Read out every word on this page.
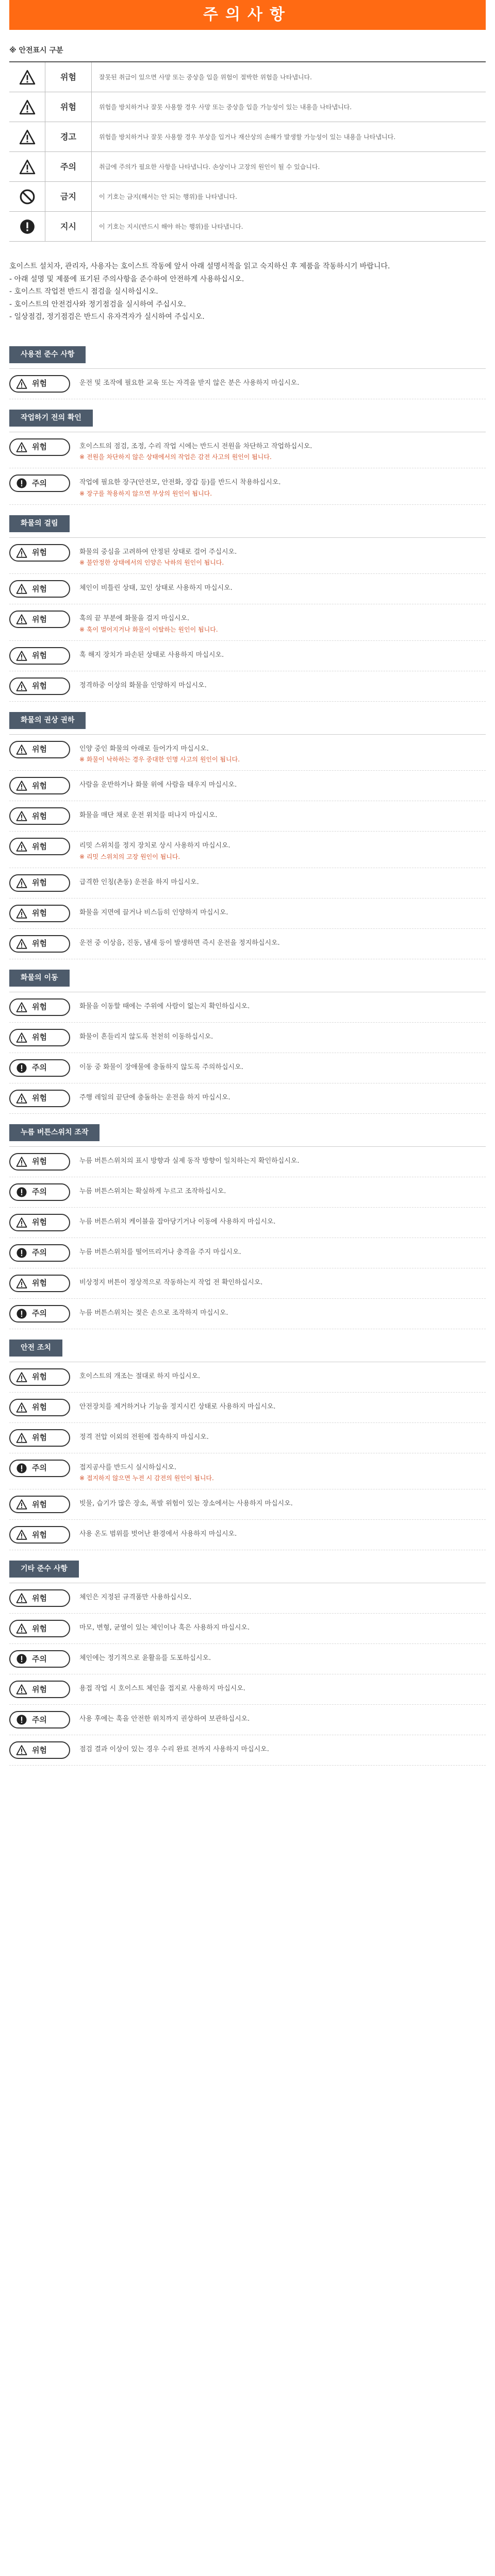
주의사항
※ 안전표시 구분
위험	잘못된 취급이 있으면 사망 또는 중상을 입을 위험이 절박한 위험을 나타냅니다.
위험	위험을 방치하거나 잘못 사용할 경우 사망 또는 중상을 입을 가능성이 있는 내용을 나타냅니다.
경고	위험을 방치하거나 잘못 사용할 경우 부상을 입거나 재산상의 손해가 발생할 가능성이 있는 내용을 나타냅니다.
주의	취급에 주의가 필요한 사항을 나타냅니다. 손상이나 고장의 원인이 될 수 있습니다.
금지	이 기호는 금지(해서는 안 되는 행위)를 나타냅니다.
지시	이 기호는 지시(반드시 해야 하는 행위)를 나타냅니다.

호이스트 설치자, 관리자, 사용자는 호이스트 작동에 앞서 아래 설명서적을 읽고 숙지하신 후 제품을 작동하시기 바랍니다.

- 아래 설명 및 제품에 표기된 주의사항을 준수하여 안전하게 사용하십시오.

- 호이스트 작업전 반드시 점검을 실시하십시오.

- 호이스트의 안전검사와 정기점검을 실시하여 주십시오.

- 일상점검, 정기점검은 반드시 유자격자가 실시하여 주십시오.

사용전 준수 사항
위험	운전 및 조작에 필요한 교육 또는 자격을 받지 않은 분은 사용하지 마십시오.
작업하기 전의 확인
위험	호이스트의 점검, 조정, 수리 작업 시에는 반드시 전원을 차단하고 작업하십시오.
※ 전원을 차단하지 않은 상태에서의 작업은 감전 사고의 원인이 됩니다.
주의	작업에 필요한 장구(안전모, 안전화, 장갑 등)를 반드시 착용하십시오.
※ 장구를 착용하지 않으면 부상의 원인이 됩니다.
화물의 걸림
위험	화물의 중심을 고려하여 안정된 상태로 걸어 주십시오.
※ 불안정한 상태에서의 인양은 낙하의 원인이 됩니다.
위험	체인이 비틀린 상태, 꼬인 상태로 사용하지 마십시오.
위험	훅의 끝 부분에 화물을 걸지 마십시오.
※ 훅이 벌어지거나 화물이 이탈하는 원인이 됩니다.
위험	훅 해지 장치가 파손된 상태로 사용하지 마십시오.
위험	정격하중 이상의 화물을 인양하지 마십시오.
화물의 권상 권하
위험	인양 중인 화물의 아래로 들어가지 마십시오.
※ 화물이 낙하하는 경우 중대한 인명 사고의 원인이 됩니다.
위험	사람을 운반하거나 화물 위에 사람을 태우지 마십시오.
위험	화물을 매단 채로 운전 위치를 떠나지 마십시오.
위험	리밋 스위치를 정지 장치로 상시 사용하지 마십시오.
※ 리밋 스위치의 고장 원인이 됩니다.
위험	급격한 인칭(촌동) 운전을 하지 마십시오.
위험	화물을 지면에 끌거나 비스듬히 인양하지 마십시오.
위험	운전 중 이상음, 진동, 냄새 등이 발생하면 즉시 운전을 정지하십시오.
화물의 이동
위험	화물을 이동할 때에는 주위에 사람이 없는지 확인하십시오.
위험	화물이 흔들리지 않도록 천천히 이동하십시오.
주의	이동 중 화물이 장애물에 충돌하지 않도록 주의하십시오.
위험	주행 레일의 끝단에 충돌하는 운전을 하지 마십시오.
누름 버튼스위치 조작
위험	누름 버튼스위치의 표시 방향과 실제 동작 방향이 일치하는지 확인하십시오.
주의	누름 버튼스위치는 확실하게 누르고 조작하십시오.
위험	누름 버튼스위치 케이블을 잡아당기거나 이동에 사용하지 마십시오.
주의	누름 버튼스위치를 떨어뜨리거나 충격을 주지 마십시오.
위험	비상정지 버튼이 정상적으로 작동하는지 작업 전 확인하십시오.
주의	누름 버튼스위치는 젖은 손으로 조작하지 마십시오.
안전 조치
위험	호이스트의 개조는 절대로 하지 마십시오.
위험	안전장치를 제거하거나 기능을 정지시킨 상태로 사용하지 마십시오.
위험	정격 전압 이외의 전원에 접속하지 마십시오.
주의	접지공사를 반드시 실시하십시오.
※ 접지하지 않으면 누전 시 감전의 원인이 됩니다.
위험	빗물, 습기가 많은 장소, 폭발 위험이 있는 장소에서는 사용하지 마십시오.
위험	사용 온도 범위를 벗어난 환경에서 사용하지 마십시오.
기타 준수 사항
위험	체인은 지정된 규격품만 사용하십시오.
위험	마모, 변형, 균열이 있는 체인이나 훅은 사용하지 마십시오.
주의	체인에는 정기적으로 윤활유를 도포하십시오.
위험	용접 작업 시 호이스트 체인을 접지로 사용하지 마십시오.
주의	사용 후에는 훅을 안전한 위치까지 권상하여 보관하십시오.
위험	점검 결과 이상이 있는 경우 수리 완료 전까지 사용하지 마십시오.
